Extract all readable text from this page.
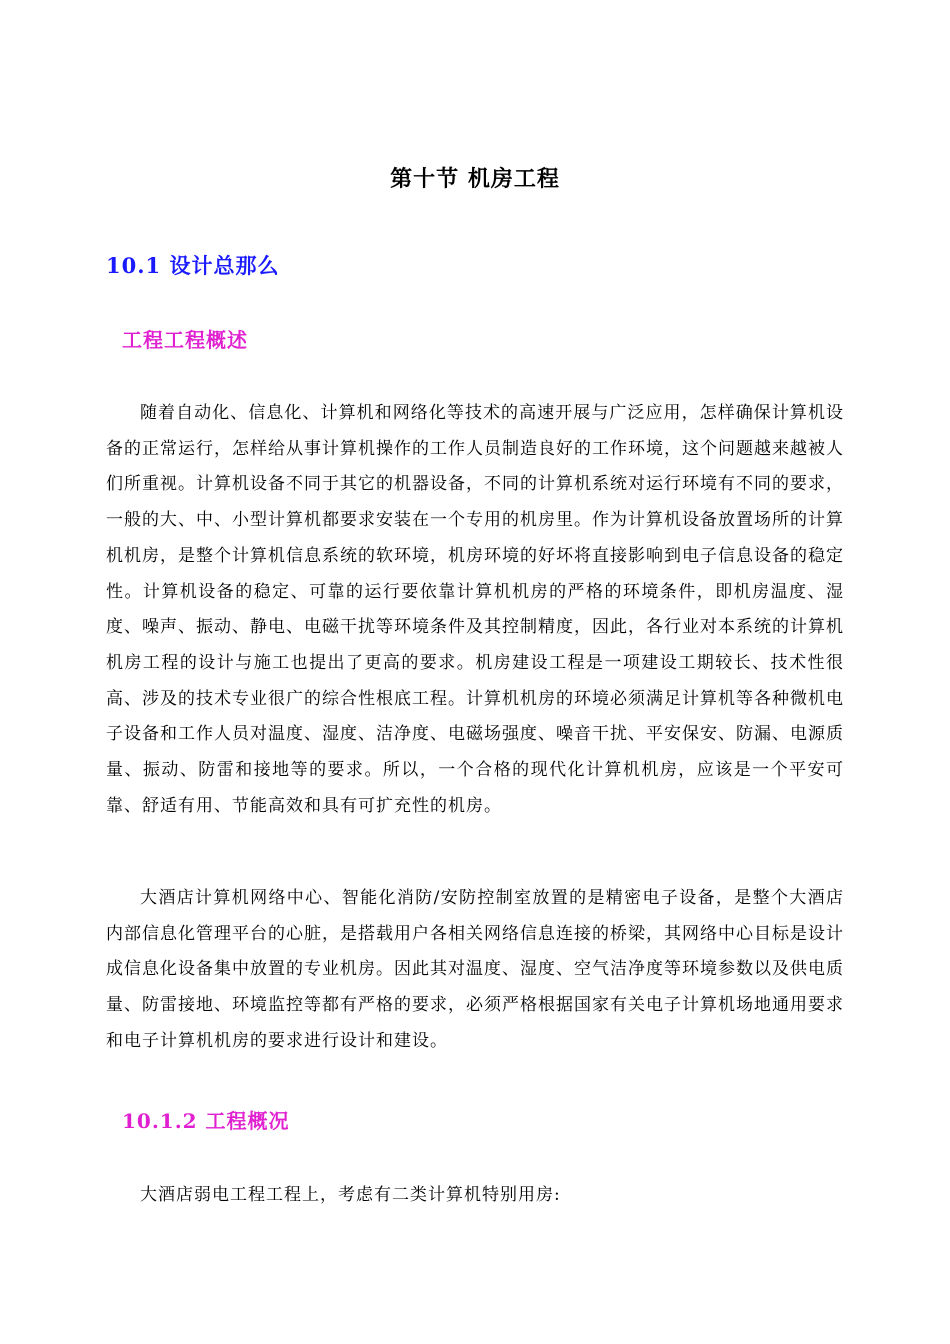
第十节 机房工程
10.1 设计总那么
工程工程概述

随着自动化、信息化、计算机和网络化等技术的高速开展与广泛应用，怎样确保计算机设备的正常运行，怎样给从事计算机操作的工作人员制造良好的工作环境，这个问题越来越被人们所重视。计算机设备不同于其它的机器设备，不同的计算机系统对运行环境有不同的要求，一般的大、中、小型计算机都要求安装在一个专用的机房里。作为计算机设备放置场所的计算机机房，是整个计算机信息系统的软环境，机房环境的好坏将直接影响到电子信息设备的稳定性。计算机设备的稳定、可靠的运行要依靠计算机机房的严格的环境条件，即机房温度、湿度、噪声、振动、静电、电磁干扰等环境条件及其控制精度，因此，各行业对本系统的计算机机房工程的设计与施工也提出了更高的要求。机房建设工程是一项建设工期较长、技术性很高、涉及的技术专业很广的综合性根底工程。计算机机房的环境必须满足计算机等各种微机电子设备和工作人员对温度、湿度、洁净度、电磁场强度、噪音干扰、平安保安、防漏、电源质量、振动、防雷和接地等的要求。所以，一个合格的现代化计算机机房，应该是一个平安可靠、舒适有用、节能高效和具有可扩充性的机房。

大酒店计算机网络中心、智能化消防/安防控制室放置的是精密电子设备，是整个大酒店内部信息化管理平台的心脏，是搭载用户各相关网络信息连接的桥梁，其网络中心目标是设计成信息化设备集中放置的专业机房。因此其对温度、湿度、空气洁净度等环境参数以及供电质量、防雷接地、环境监控等都有严格的要求，必须严格根据国家有关电子计算机场地通用要求和电子计算机机房的要求进行设计和建设。

10.1.2 工程概况

大酒店弱电工程工程上，考虑有二类计算机特别用房:
